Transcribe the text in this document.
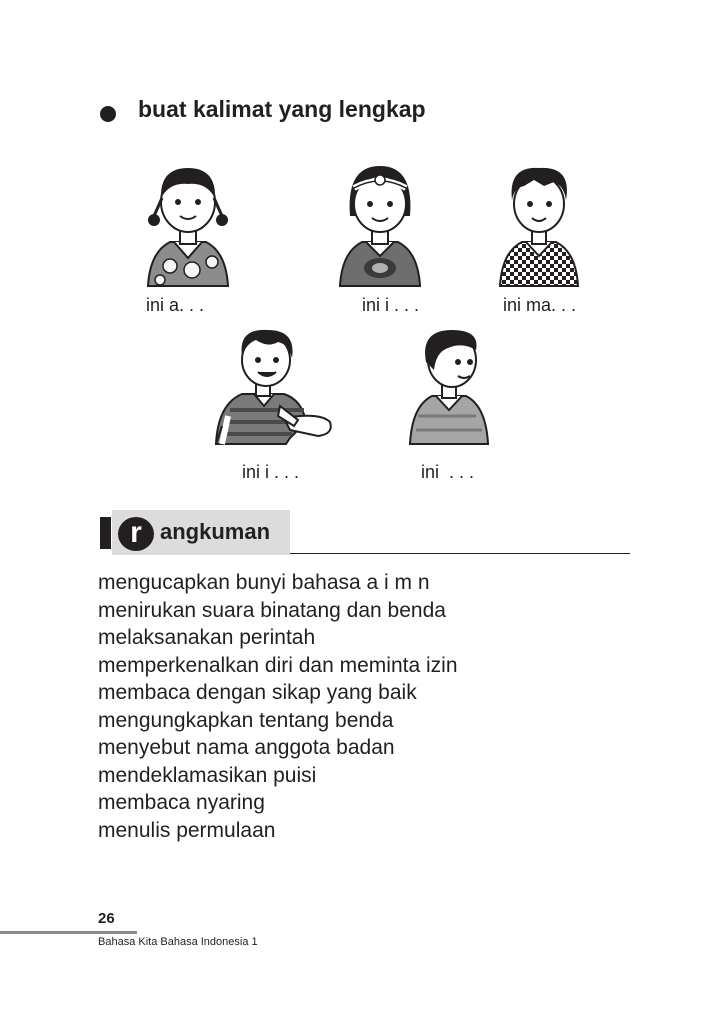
buat kalimat yang lengkap
ini a. . .	ini i . . .	ini ma. . .
ini i . . .	ini  . . .
r angkuman
mengucapkan bunyi bahasa a i m n
menirukan suara binatang dan benda
melaksanakan perintah
memperkenalkan diri dan meminta izin
membaca dengan sikap yang baik
mengungkapkan tentang benda
menyebut nama anggota badan
mendeklamasikan puisi
membaca nyaring
menulis permulaan
26
Bahasa Kita Bahasa Indonesia 1
